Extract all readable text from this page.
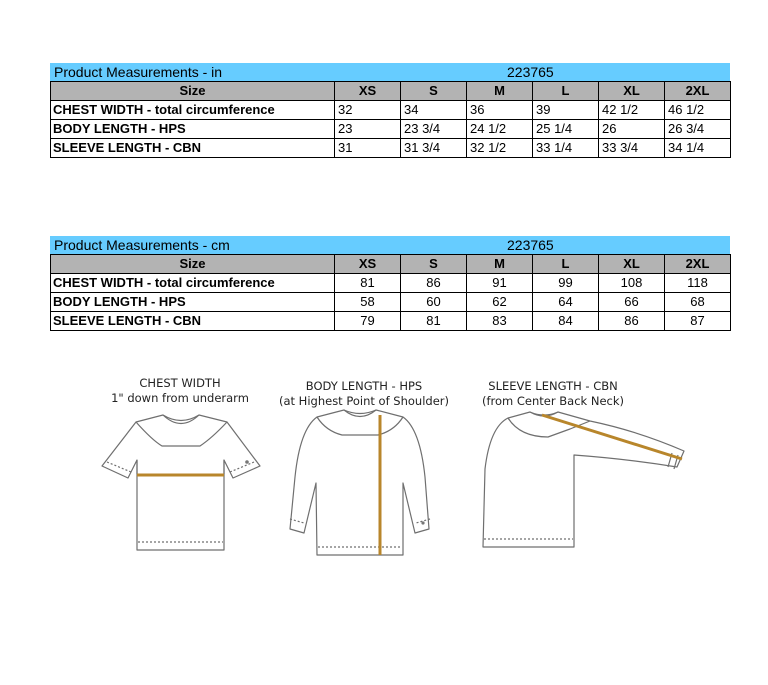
Product Measurements - in	223765
Size	XS	S	M	L	XL	2XL
CHEST WIDTH - total circumference	32	34	36	39	42 1/2	46 1/2
BODY LENGTH - HPS	23	23 3/4	24 1/2	25 1/4	26	26 3/4
SLEEVE LENGTH - CBN	31	31 3/4	32 1/2	33 1/4	33 3/4	34 1/4
Product Measurements - cm	223765
Size	XS	S	M	L	XL	2XL
CHEST WIDTH - total circumference	81	86	91	99	108	118
BODY LENGTH - HPS	58	60	62	64	66	68
SLEEVE LENGTH - CBN	79	81	83	84	86	87
CHEST WIDTH
1" down from underarm
BODY LENGTH - HPS
(at Highest Point of Shoulder)
SLEEVE LENGTH - CBN
(from Center Back Neck)
